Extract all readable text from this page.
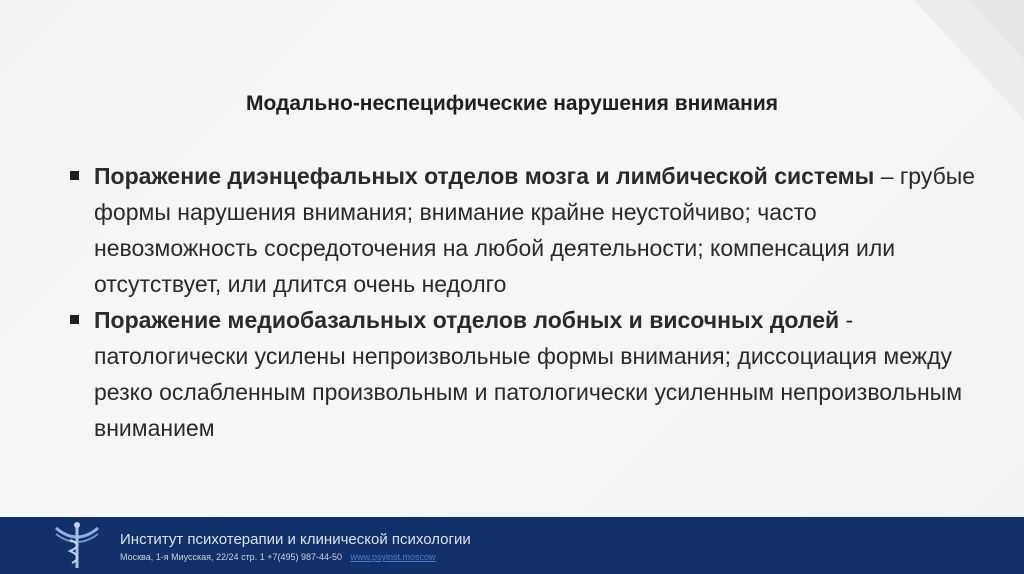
Модально-неспецифические нарушения внимания
Поражение диэнцефальных отделов мозга и лимбической системы – грубые формы нарушения внимания; внимание крайне неустойчиво; часто невозможность сосредоточения на любой деятельности; компенсация или отсутствует, или длится очень недолго
Поражение медиобазальных отделов лобных и височных долей - патологически усилены непроизвольные формы внимания; диссоциация между резко ослабленным произвольным и патологически усиленным непроизвольным вниманием
Институт психотерапии и клинической психологии
Москва, 1-я Миусская, 22/24 стр. 1 +7(495) 987-44-50 www.psyinst.moscow
